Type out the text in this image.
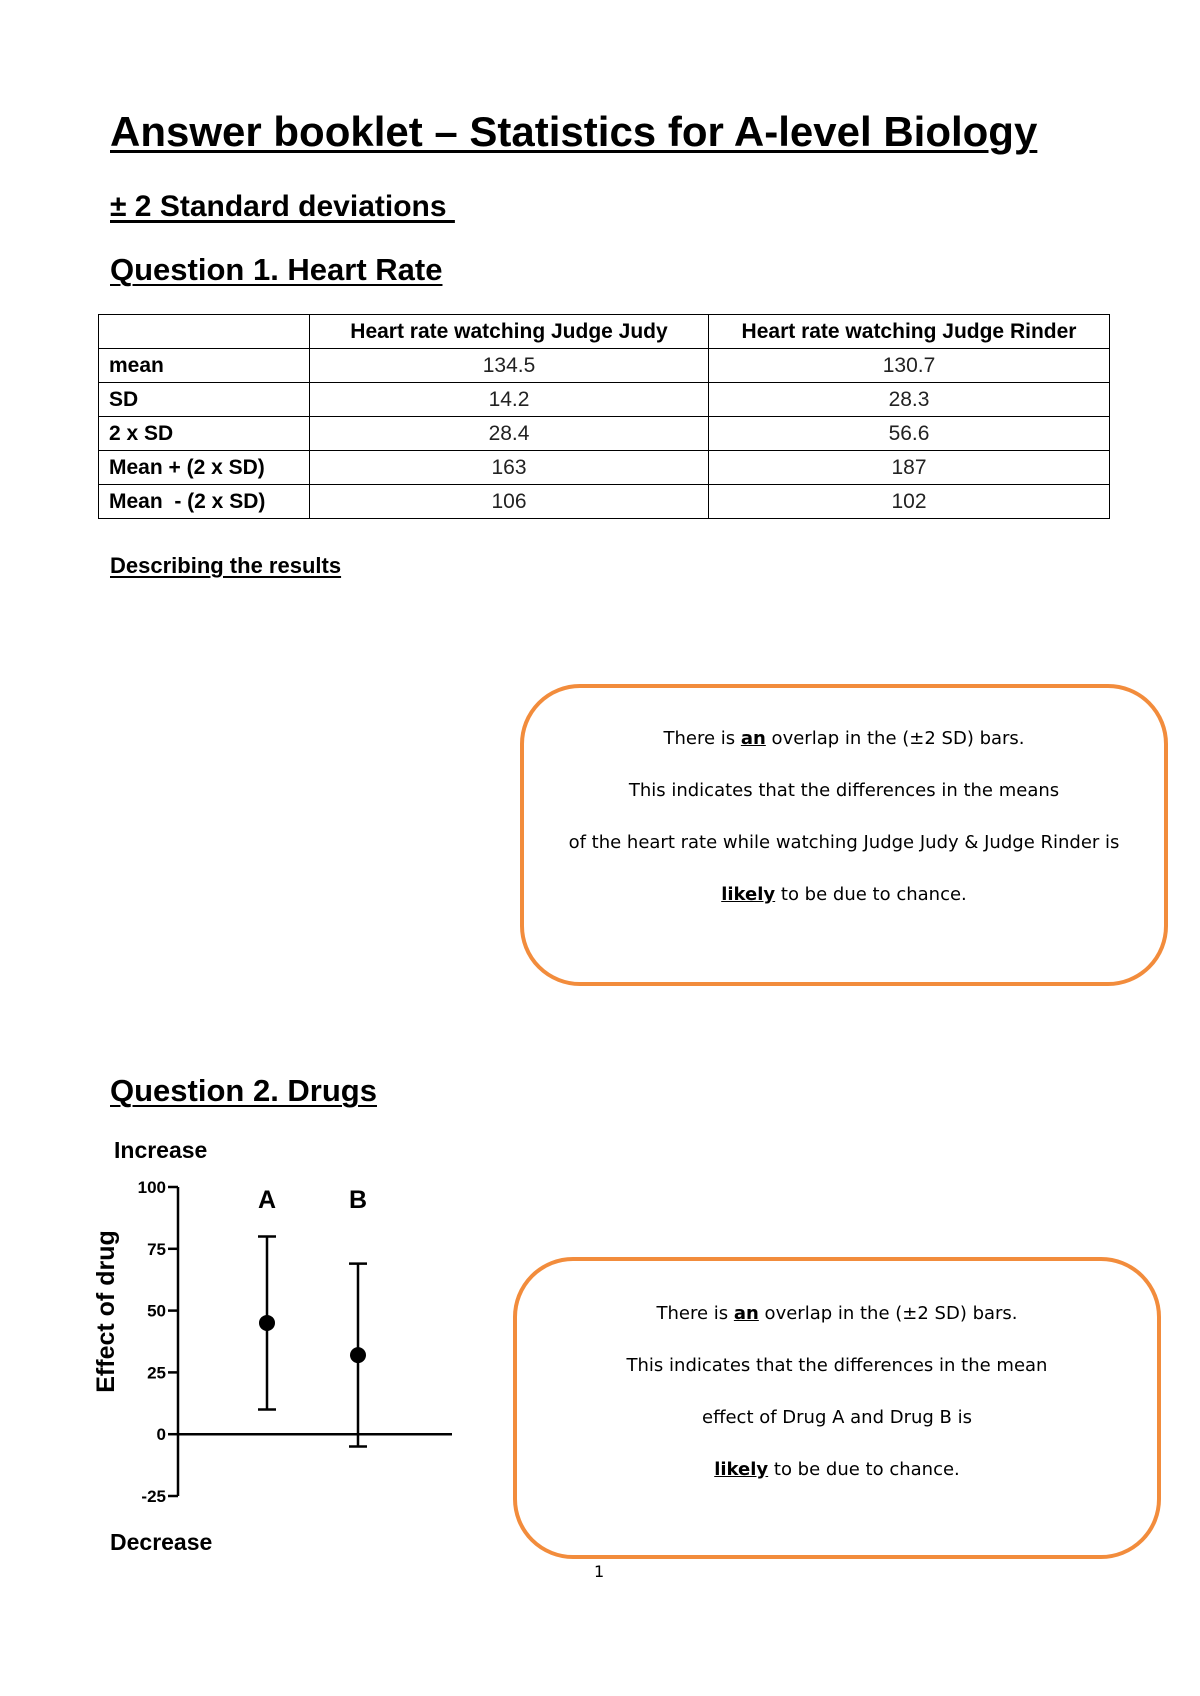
Answer booklet – Statistics for A-level Biology
± 2 Standard deviations
Question 1. Heart Rate
	Heart rate watching Judge Judy	Heart rate watching Judge Rinder
mean	134.5	130.7
SD	14.2	28.3
2 x SD	28.4	56.6
Mean + (2 x SD)	163	187
Mean  - (2 x SD)	106	102
Describing the results

There is an overlap in the (±2 SD) bars.

This indicates that the differences in the means

of the heart rate while watching Judge Judy & Judge Rinder is

likely to be due to chance.

Question 2. Drugs
Increase
Decrease
Effect of drug
100
75
50
25
0
-25
A	B

There is an overlap in the (±2 SD) bars.

This indicates that the differences in the mean

effect of Drug A and Drug B is

likely to be due to chance.

1
